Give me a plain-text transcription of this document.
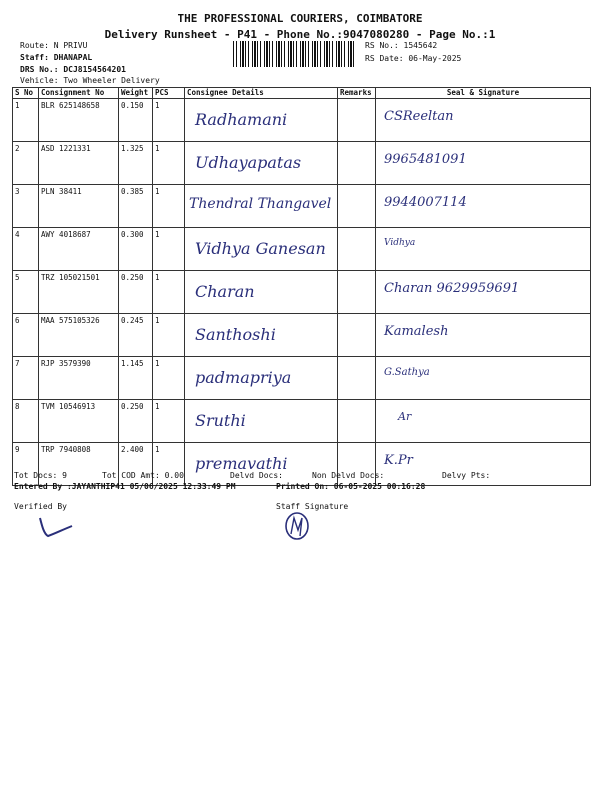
THE PROFESSIONAL COURIERS, COIMBATORE
Delivery Runsheet - P41 - Phone No.:9047080280 - Page No.:1
Route: N PRIVU
Staff: DHANAPAL
DRS No.: DCJ8154564201
Vehicle: Two Wheeler Delivery
RS No.: 1545642
RS Date: 06-May-2025
S No	Consignment No	Weight	PCS	Consignee Details	Remarks	Seal & Signature
1	BLR 625148658	0.150	1	Radhamani		CSReeltan

2	ASD 1221331	1.325	1	Udhayapatas		9965481091

3	PLN 38411	0.385	1	Thendral Thangavel		9944007114

4	AWY 4018687	0.300	1	Vidhya Ganesan		Vidhya

5	TRZ 105021501	0.250	1	Charan		Charan 9629959691

6	MAA 575105326	0.245	1	Santhoshi		Kamalesh

7	RJP 3579390	1.145	1	padmapriya		G.Sathya

8	TVM 10546913	0.250	1	Sruthi		Ar

9	TRP 7940808	2.400	1	premavathi		K.Pr
Tot Docs: 9	Tot COD Amt: 0.00	Delvd Docs:	Non Delvd Docs:	Delvy Pts:
Entered By :JAYANTHIP41 05/06/2025 12:33:49 PM	Printed On: 06-05-2025 00:16:28
Verified By	Staff Signature
